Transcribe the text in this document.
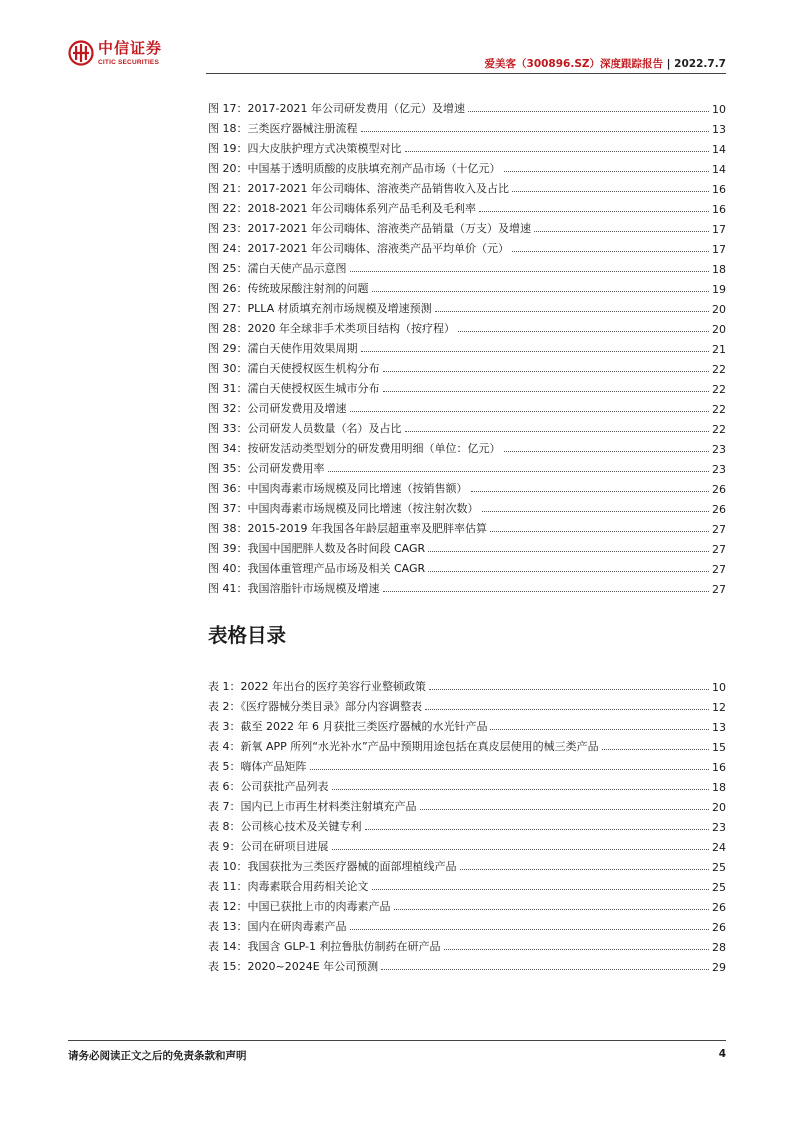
中信证券
CITIC SECURITIES	爱美客（300896.SZ）深度跟踪报告 | 2022.7.7
图 17：2017-2021 年公司研发费用（亿元）及增速	10
图 18：三类医疗器械注册流程	13
图 19：四大皮肤护理方式决策模型对比	14
图 20：中国基于透明质酸的皮肤填充剂产品市场（十亿元）	14
图 21：2017-2021 年公司嗨体、溶液类产品销售收入及占比	16
图 22：2018-2021 年公司嗨体系列产品毛利及毛利率	16
图 23：2017-2021 年公司嗨体、溶液类产品销量（万支）及增速	17
图 24：2017-2021 年公司嗨体、溶液类产品平均单价（元）	17
图 25：濡白天使产品示意图	18
图 26：传统玻尿酸注射剂的问题	19
图 27：PLLA 材质填充剂市场规模及增速预测	20
图 28：2020 年全球非手术类项目结构（按疗程）	20
图 29：濡白天使作用效果周期	21
图 30：濡白天使授权医生机构分布	22
图 31：濡白天使授权医生城市分布	22
图 32：公司研发费用及增速	22
图 33：公司研发人员数量（名）及占比	22
图 34：按研发活动类型划分的研发费用明细（单位：亿元）	23
图 35：公司研发费用率	23
图 36：中国肉毒素市场规模及同比增速（按销售额）	26
图 37：中国肉毒素市场规模及同比增速（按注射次数）	26
图 38：2015-2019 年我国各年龄层超重率及肥胖率估算	27
图 39：我国中国肥胖人数及各时间段 CAGR	27
图 40：我国体重管理产品市场及相关 CAGR	27
图 41：我国溶脂针市场规模及增速	27
表格目录
表 1：2022 年出台的医疗美容行业整顿政策	10
表 2：《医疗器械分类目录》部分内容调整表	12
表 3：截至 2022 年 6 月获批三类医疗器械的水光针产品	13
表 4：新氧 APP 所列“水光补水”产品中预期用途包括在真皮层使用的械三类产品	15
表 5：嗨体产品矩阵	16
表 6：公司获批产品列表	18
表 7：国内已上市再生材料类注射填充产品	20
表 8：公司核心技术及关键专利	23
表 9：公司在研项目进展	24
表 10：我国获批为三类医疗器械的面部埋植线产品	25
表 11：肉毒素联合用药相关论文	25
表 12：中国已获批上市的肉毒素产品	26
表 13：国内在研肉毒素产品	26
表 14：我国含 GLP-1 利拉鲁肽仿制药在研产品	28
表 15：2020~2024E 年公司预测	29
请务必阅读正文之后的免责条款和声明	4
